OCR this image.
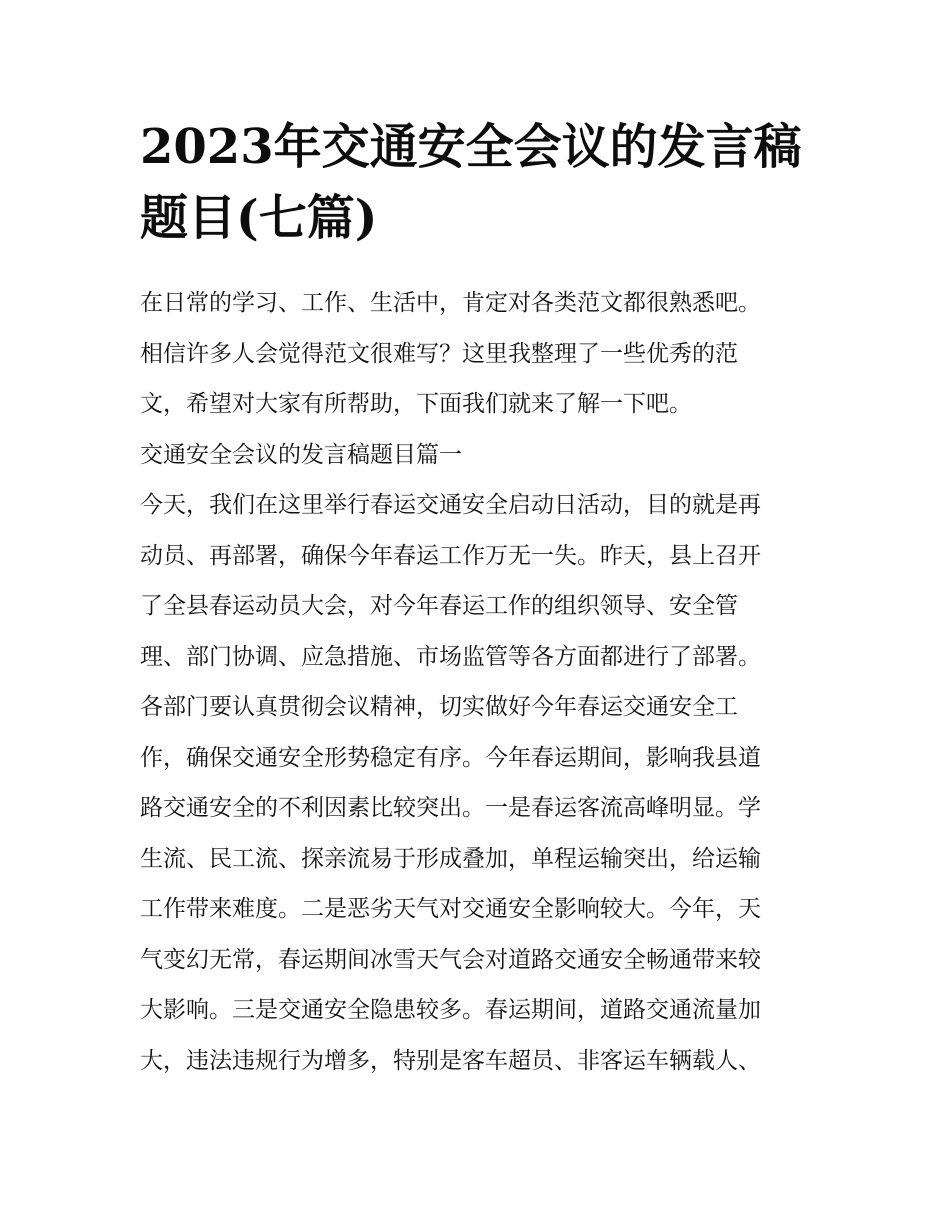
2023年交通安全会议的发言稿
题目(七篇)
在日常的学习、工作、生活中，肯定对各类范文都很熟悉吧。
相信许多人会觉得范文很难写？这里我整理了一些优秀的范
文，希望对大家有所帮助，下面我们就来了解一下吧。
交通安全会议的发言稿题目篇一
今天，我们在这里举行春运交通安全启动日活动，目的就是再
动员、再部署，确保今年春运工作万无一失。昨天，县上召开
了全县春运动员大会，对今年春运工作的组织领导、安全管
理、部门协调、应急措施、市场监管等各方面都进行了部署。
各部门要认真贯彻会议精神，切实做好今年春运交通安全工
作，确保交通安全形势稳定有序。今年春运期间，影响我县道
路交通安全的不利因素比较突出。一是春运客流高峰明显。学
生流、民工流、探亲流易于形成叠加，单程运输突出，给运输
工作带来难度。二是恶劣天气对交通安全影响较大。今年，天
气变幻无常，春运期间冰雪天气会对道路交通安全畅通带来较
大影响。三是交通安全隐患较多。春运期间，道路交通流量加
大，违法违规行为增多，特别是客车超员、非客运车辆载人、
